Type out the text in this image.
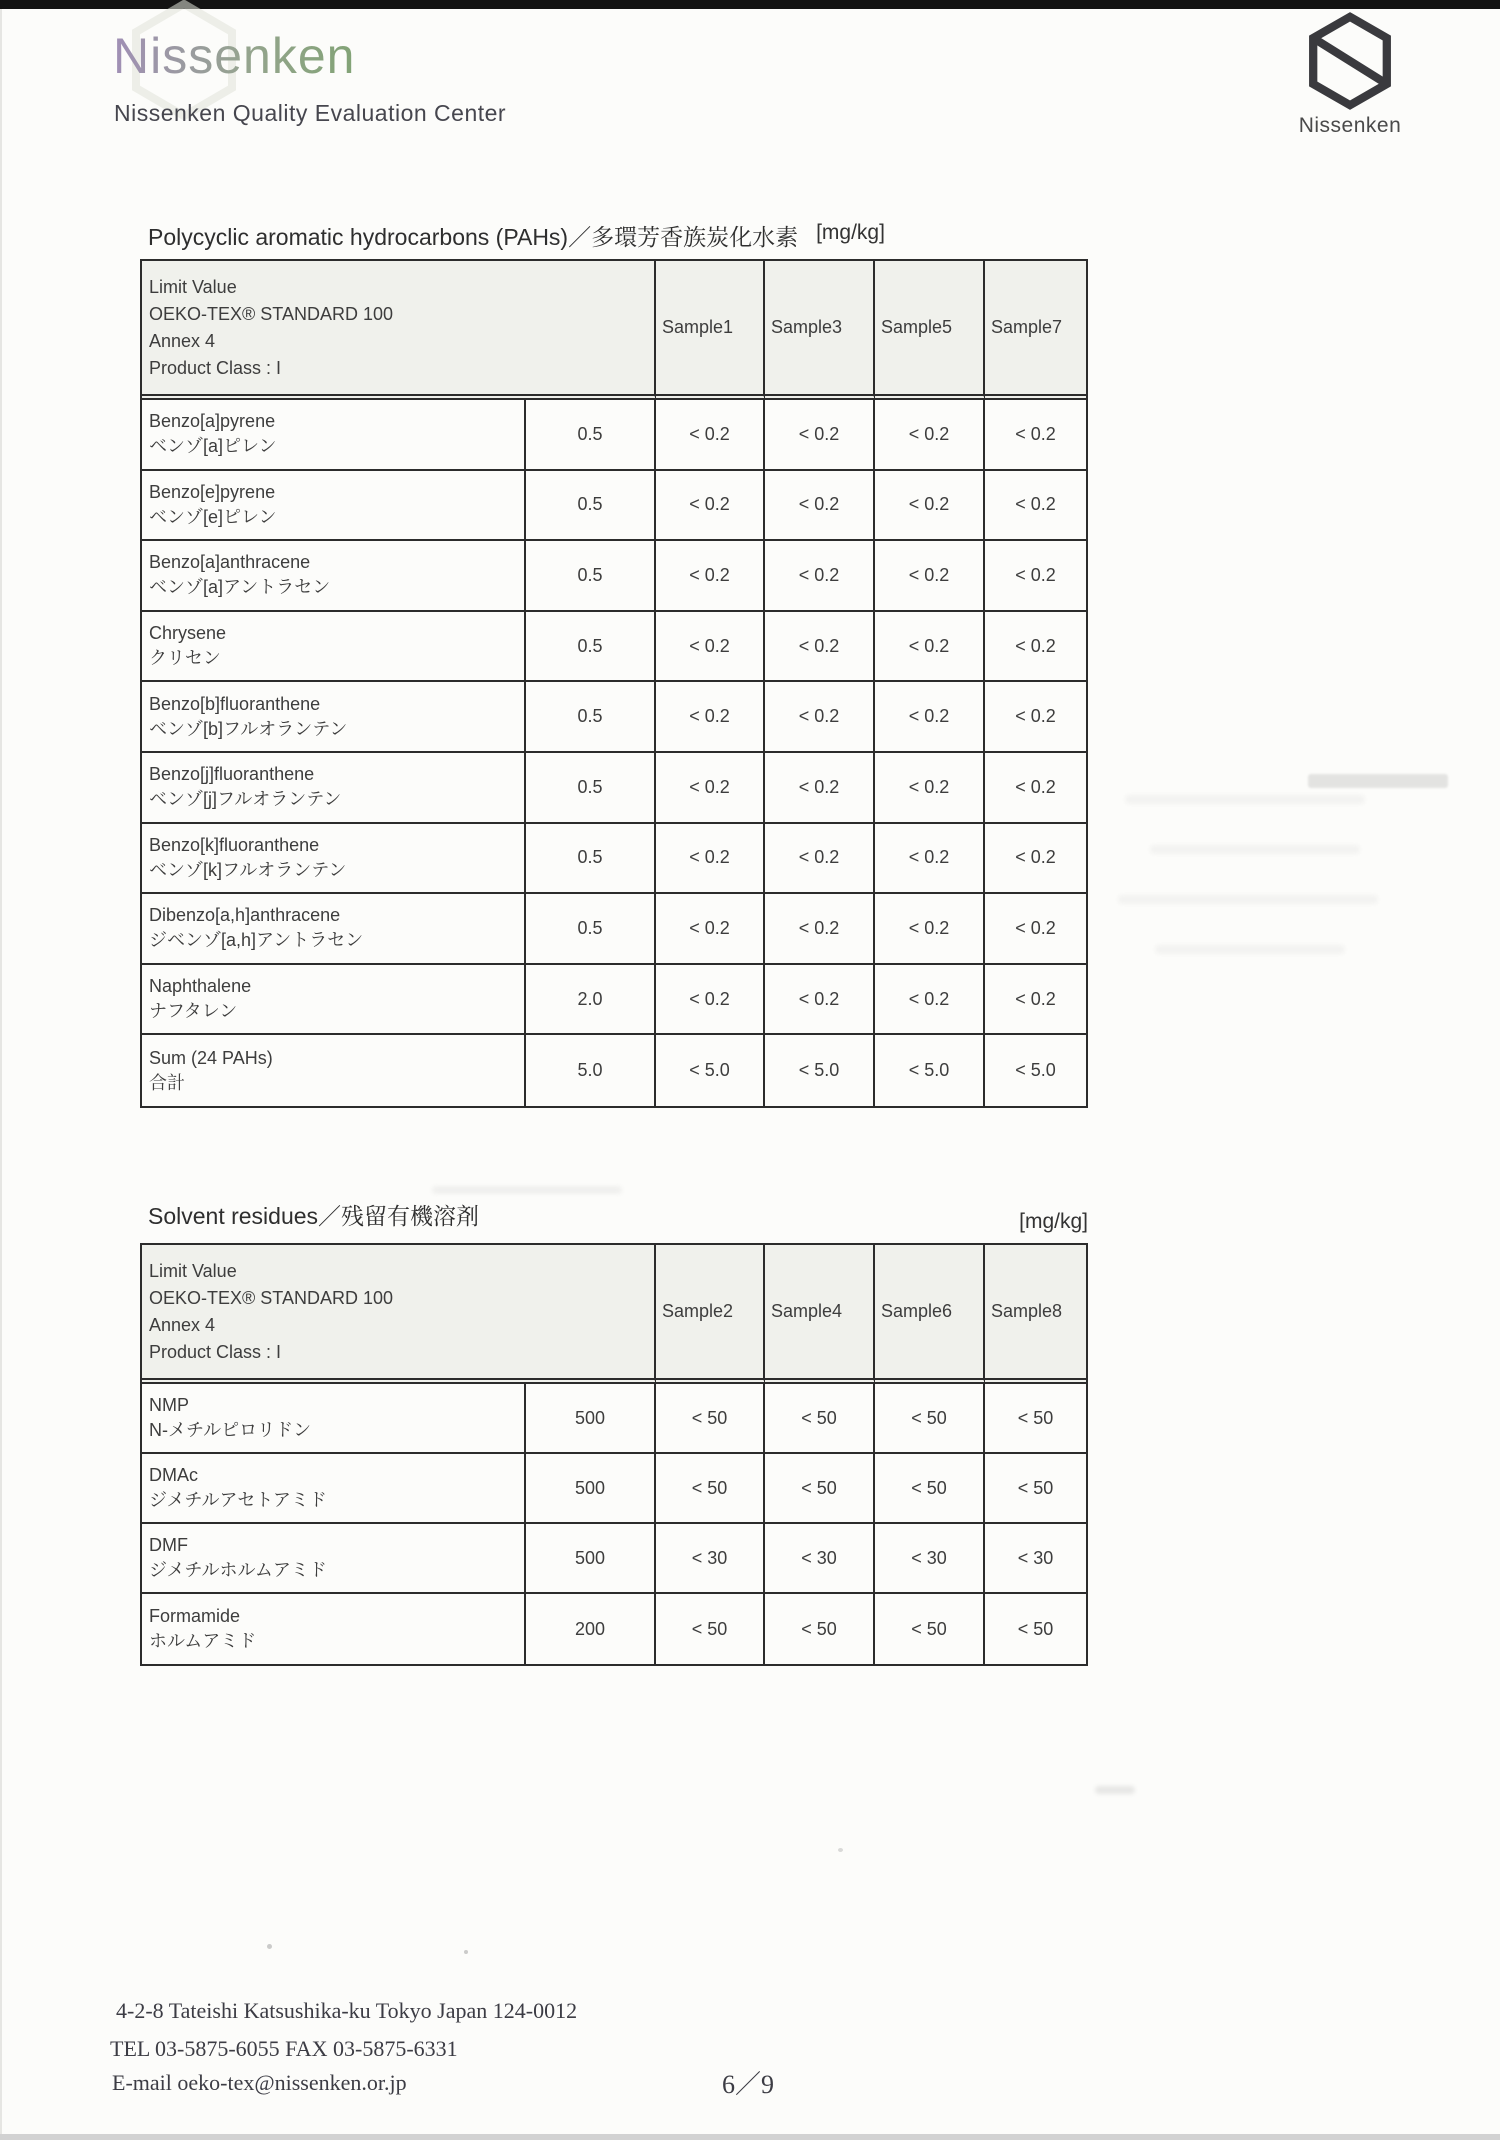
Nissenken
Nissenken Quality Evaluation Center	Nissenken
Polycyclic aromatic hydrocarbons (PAHs)／多環芳香族炭化水素 [mg/kg]
Limit Value
OEKO-TEX® STANDARD 100
Annex 4
Product Class : I
Sample1	Sample3	Sample5	Sample7
Benzo[a]pyrene
ベンゾ[a]ピレン
0.5	< 0.2	< 0.2	< 0.2	< 0.2
Benzo[e]pyrene
ベンゾ[e]ピレン
0.5	< 0.2	< 0.2	< 0.2	< 0.2
Benzo[a]anthracene
ベンゾ[a]アントラセン
0.5	< 0.2	< 0.2	< 0.2	< 0.2
Chrysene
クリセン
0.5	< 0.2	< 0.2	< 0.2	< 0.2
Benzo[b]fluoranthene
ベンゾ[b]フルオランテン
0.5	< 0.2	< 0.2	< 0.2	< 0.2
Benzo[j]fluoranthene
ベンゾ[j]フルオランテン
0.5	< 0.2	< 0.2	< 0.2	< 0.2
Benzo[k]fluoranthene
ベンゾ[k]フルオランテン
0.5	< 0.2	< 0.2	< 0.2	< 0.2
Dibenzo[a,h]anthracene
ジベンゾ[a,h]アントラセン
0.5	< 0.2	< 0.2	< 0.2	< 0.2
Naphthalene
ナフタレン
2.0	< 0.2	< 0.2	< 0.2	< 0.2
Sum (24 PAHs)
合計
5.0	< 5.0	< 5.0	< 5.0	< 5.0
Solvent residues／残留有機溶剤	[mg/kg]
Limit Value
OEKO-TEX® STANDARD 100
Annex 4
Product Class : I
Sample2	Sample4	Sample6	Sample8
NMP
N-メチルピロリドン
500	< 50	< 50	< 50	< 50
DMAc
ジメチルアセトアミド
500	< 50	< 50	< 50	< 50
DMF
ジメチルホルムアミド
500	< 30	< 30	< 30	< 30
Formamide
ホルムアミド
200	< 50	< 50	< 50	< 50
4-2-8 Tateishi Katsushika-ku Tokyo Japan 124-0012
TEL 03-5875-6055 FAX 03-5875-6331
E-mail oeko-tex@nissenken.or.jp	6／9
